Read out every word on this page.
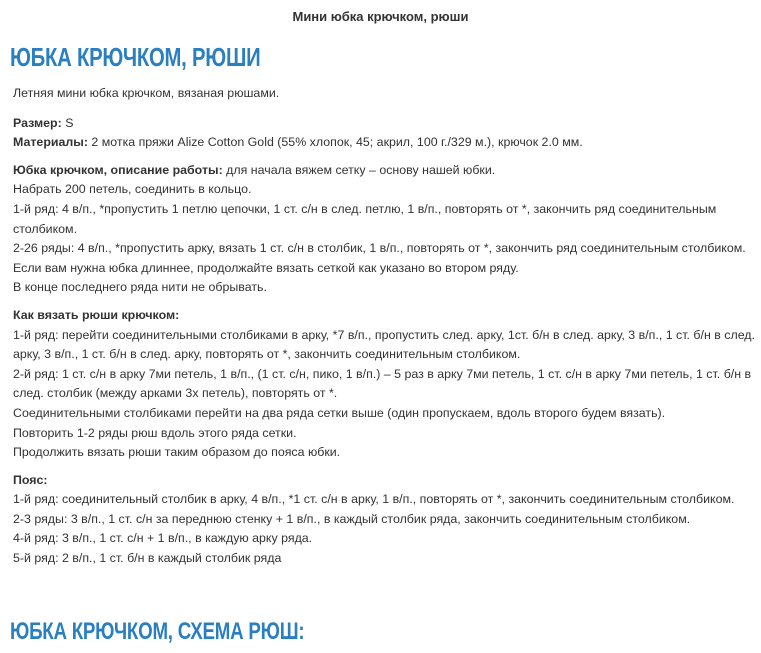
Мини юбка крючком, рюши
ЮБКА КРЮЧКОМ, РЮШИ

Летняя мини юбка крючком, вязаная рюшами.

Размер: S

Материалы: 2 мотка пряжи Alize Cotton Gold (55% хлопок, 45; акрил, 100 г./329 м.), крючок 2.0 мм.

Юбка крючком, описание работы: для начала вяжем сетку – основу нашей юбки.

Набрать 200 петель, соединить в кольцо.

1-й ряд: 4 в/п., *пропустить 1 петлю цепочки, 1 ст. с/н в след. петлю, 1 в/п., повторять от *, закончить ряд соединительным столбиком.

2-26 ряды: 4 в/п., *пропустить арку, вязать 1 ст. с/н в столбик, 1 в/п., повторять от *, закончить ряд соединительным столбиком.

Если вам нужна юбка длиннее, продолжайте вязать сеткой как указано во втором ряду.

В конце последнего ряда нити не обрывать.

Как вязать рюши крючком:

1-й ряд: перейти соединительными столбиками в арку, *7 в/п., пропустить след. арку, 1ст. б/н в след. арку, 3 в/п., 1 ст. б/н в след. арку, 3 в/п., 1 ст. б/н в след. арку, повторять от *, закончить соединительным столбиком.

2-й ряд: 1 ст. с/н в арку 7ми петель, 1 в/п., (1 ст. с/н, пико, 1 в/п.) – 5 раз в арку 7ми петель, 1 ст. с/н в арку 7ми петель, 1 ст. б/н в след. столбик (между арками 3х петель), повторять от *.

Соединительными столбиками перейти на два ряда сетки выше (один пропускаем, вдоль второго будем вязать).

Повторить 1-2 ряды рюш вдоль этого ряда сетки.

Продолжить вязать рюши таким образом до пояса юбки.

Пояс:

1-й ряд: соединительный столбик в арку, 4 в/п., *1 ст. с/н в арку, 1 в/п., повторять от *, закончить соединительным столбиком.

2-3 ряды: 3 в/п., 1 ст. с/н за переднюю стенку + 1 в/п., в каждый столбик ряда, закончить соединительным столбиком.

4-й ряд: 3 в/п., 1 ст. с/н + 1 в/п., в каждую арку ряда.

5-й ряд: 2 в/п., 1 ст. б/н в каждый столбик ряда

ЮБКА КРЮЧКОМ, СХЕМА РЮШ:
